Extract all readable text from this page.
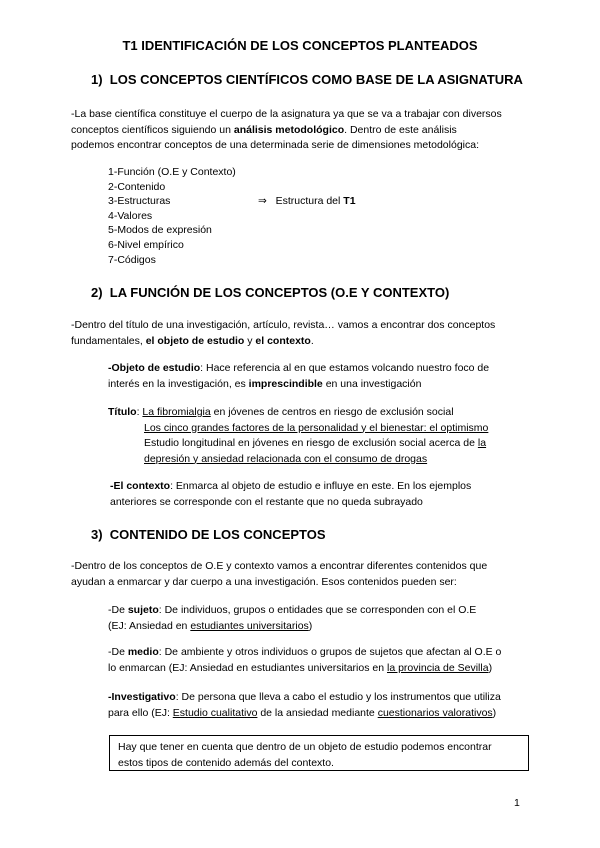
T1 IDENTIFICACIÓN DE LOS CONCEPTOS PLANTEADOS
1) LOS CONCEPTOS CIENTÍFICOS COMO BASE DE LA ASIGNATURA
-La base científica constituye el cuerpo de la asignatura ya que se va a trabajar con diversos
conceptos científicos siguiendo un análisis metodológico. Dentro de este análisis
podemos encontrar conceptos de una determinada serie de dimensiones metodológica:
1-Función (O.E y Contexto)
2-Contenido
3-Estructuras
4-Valores
5-Modos de expresión
6-Nivel empírico
7-Códigos
⇒ Estructura del T1
2) LA FUNCIÓN DE LOS CONCEPTOS (O.E Y CONTEXTO)
-Dentro del título de una investigación, artículo, revista… vamos a encontrar dos conceptos
fundamentales, el objeto de estudio y el contexto.
-Objeto de estudio: Hace referencia al en que estamos volcando nuestro foco de
interés en la investigación, es imprescindible en una investigación
Título: La fibromialgia en jóvenes de centros en riesgo de exclusión social
Los cinco grandes factores de la personalidad y el bienestar: el optimismo
Estudio longitudinal en jóvenes en riesgo de exclusión social acerca de la
depresión y ansiedad relacionada con el consumo de drogas
-El contexto: Enmarca al objeto de estudio e influye en este. En los ejemplos
anteriores se corresponde con el restante que no queda subrayado
3) CONTENIDO DE LOS CONCEPTOS
-Dentro de los conceptos de O.E y contexto vamos a encontrar diferentes contenidos que
ayudan a enmarcar y dar cuerpo a una investigación. Esos contenidos pueden ser:
-De sujeto: De individuos, grupos o entidades que se corresponden con el O.E
(EJ: Ansiedad en estudiantes universitarios)
-De medio: De ambiente y otros individuos o grupos de sujetos que afectan al O.E o
lo enmarcan (EJ: Ansiedad en estudiantes universitarios en la provincia de Sevilla)
-Investigativo: De persona que lleva a cabo el estudio y los instrumentos que utiliza
para ello (EJ: Estudio cualitativo de la ansiedad mediante cuestionarios valorativos)
Hay que tener en cuenta que dentro de un objeto de estudio podemos encontrar
estos tipos de contenido además del contexto.
1
